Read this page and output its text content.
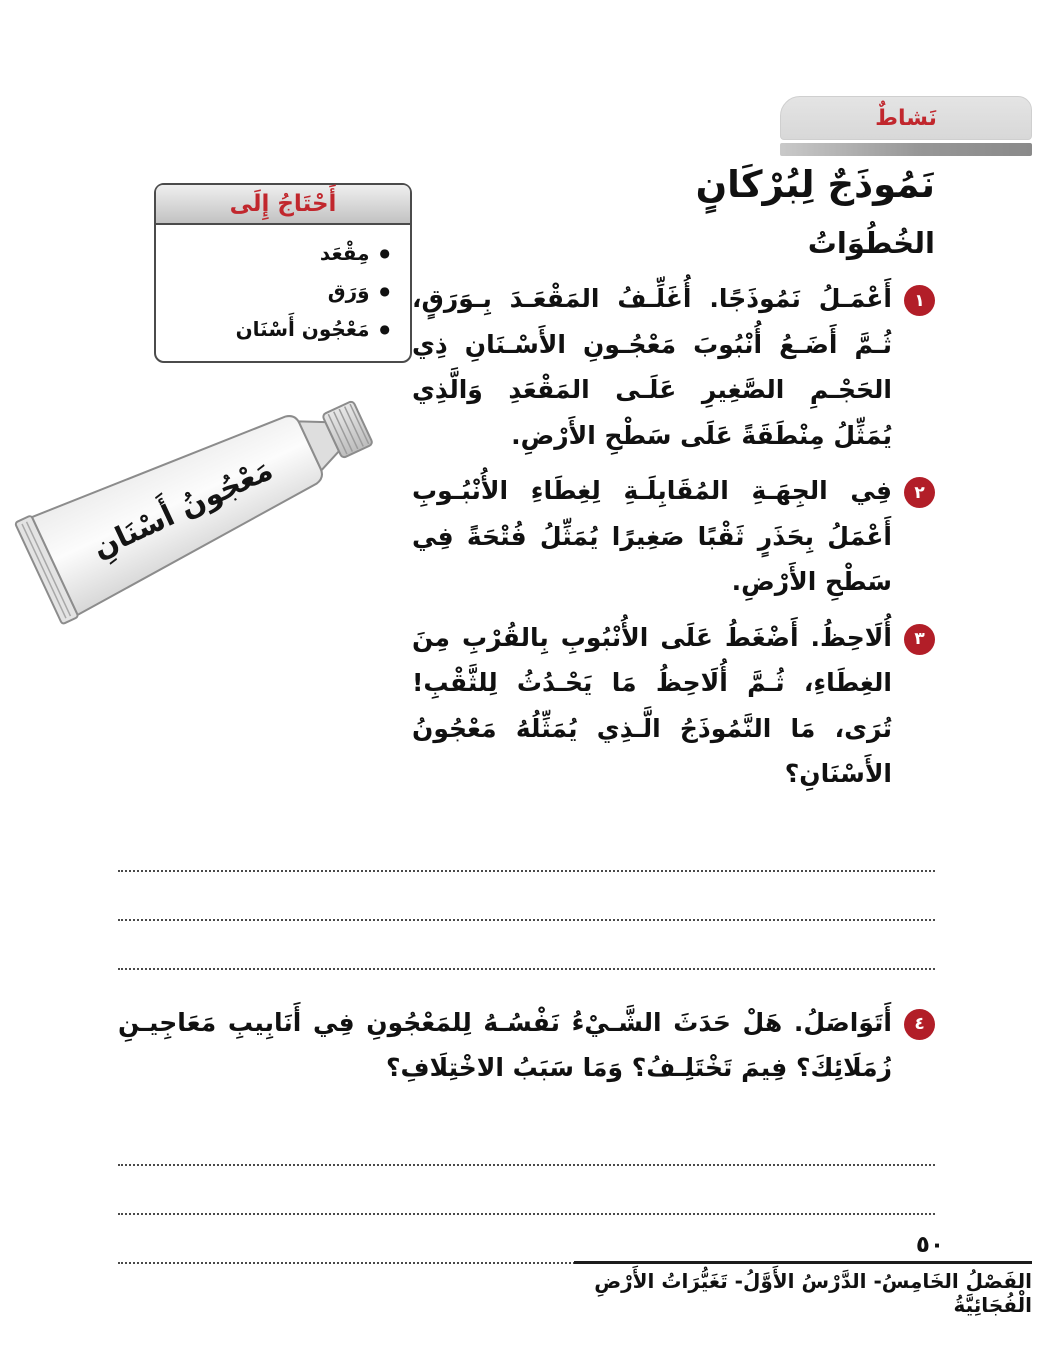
نَشاطٌ
أَحْتَاجُ إِلَى
●
مِقْعَد
●
وَرَق
●
مَعْجُون أَسْنَان
مَعْجُونُ أَسْنَانِ
نَمُوذَجٌ لِبُرْكَانٍ
الخُطُوَاتُ
١
أَعْمَـلُ نَمُوذَجًا. أُغَلِّـفُ المَقْعَـدَ بِـوَرَقٍ، ثُـمَّ أَضَـعُ أُنْبُوبَ مَعْجُـونِ الأَسْـنَانِ ذِي الحَجْـمِ الصَّغِيرِ عَلَـى المَقْعَدِ وَالَّذِي يُمَثِّلُ مِنْطَقَةً عَلَى سَطْحِ الأَرْضِ.
٢
فِي الجِهَـةِ المُقَابِلَـةِ لِغِطَاءِ الأُنْبُـوبِ أَعْمَلُ بِحَذَرٍ ثَقْبًا صَغِيرًا يُمَثِّلُ فُتْحَةً فِي سَطْحِ الأَرْضِ.
٣
أُلَاحِظُ. أَضْغَطُ عَلَى الأُنْبُوبِ بِالقُرْبِ مِنَ الغِطَاءِ، ثُـمَّ أُلَاحِظُ مَا يَحْـدُثُ لِلثَّقْبِ! تُرَى، مَا النَّمُوذَجُ الَّـذِي يُمَثِّلُهُ مَعْجُونُ الأَسْنَانِ؟
٤
أَتَوَاصَلُ. هَلْ حَدَثَ الشَّـيْءُ نَفْسُـهُ لِلمَعْجُونِ فِي أَنَابِيبِ مَعَاجِيـنِ زُمَلَائِكَ؟ فِيمَ تَخْتَلِـفُ؟ وَمَا سَبَبُ الاخْتِلَافِ؟
٥٠
الفَصْلُ الخَامِسُ- الدَّرْسُ الأَوَّلُ- تَغَيُّرَاتُ الأَرْضِ الْفُجَائِيَّةُ
